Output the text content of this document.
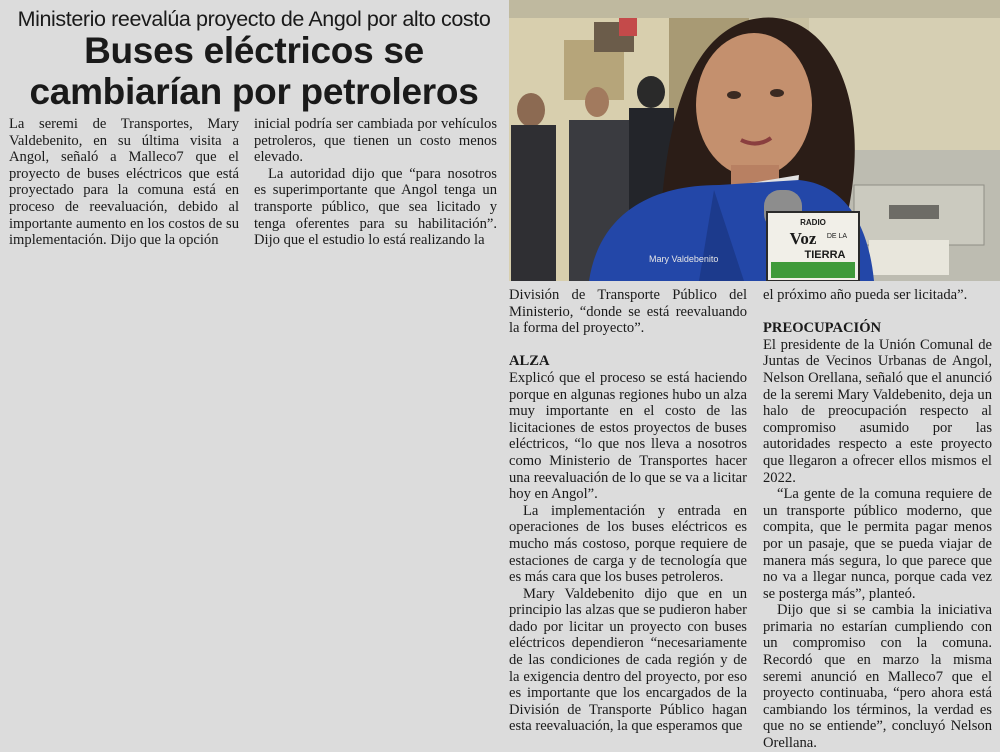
Ministerio reevalúa proyecto de Angol por alto costo
Buses eléctricos se
cambiarían por petroleros

La seremi de Transportes, Mary Valdebenito, en su última visita a Angol, señaló a Malleco7 que el proyecto de buses eléctricos que está proyectado para la comuna está en proceso de reevaluación, debido al importante aumento en los costos de su implementación. Dijo que la opción

inicial podría ser cambiada por vehículos petroleros, que tienen un costo menos elevado.

La autoridad dijo que “para nosotros es superimportante que Angol tenga un transporte público, que sea licitado y tenga oferentes para su habilitación”. Dijo que el estudio lo está realizando la

Mary Valdebenito
RADIO
Voz DE LA
TIERRA

División de Transporte Público del Ministerio, “donde se está reevaluando la forma del proyecto”.

ALZA

Explicó que el proceso se está haciendo porque en algunas regiones hubo un alza muy importante en el costo de las licitaciones de estos proyectos de buses eléctricos, “lo que nos lleva a nosotros como Ministerio de Transportes hacer una reevaluación de lo que se va a licitar hoy en Angol”.

La implementación y entrada en operaciones de los buses eléctricos es mucho más costoso, porque requiere de estaciones de carga y de tecnología que es más cara que los buses petroleros.

Mary Valdebenito dijo que en un principio las alzas que se pudieron haber dado por licitar un proyecto con buses eléctricos dependieron “necesariamente de las condiciones de cada región y de la exigencia dentro del proyecto, por eso es importante que los encargados de la División de Transporte Público hagan esta reevaluación, la que esperamos que

el próximo año pueda ser licitada”.

PREOCUPACIÓN

El presidente de la Unión Comunal de Juntas de Vecinos Urbanas de Angol, Nelson Orellana, señaló que el anunció de la seremi Mary Valdebenito, deja un halo de preocupación respecto al compromiso asumido por las autoridades respecto a este proyecto que llegaron a ofrecer ellos mismos el 2022.

“La gente de la comuna requiere de un transporte público moderno, que compita, que le permita pagar menos por un pasaje, que se pueda viajar de manera más segura, lo que parece que no va a llegar nunca, porque cada vez se posterga más”, planteó.

Dijo que si se cambia la iniciativa primaria no estarían cumpliendo con un compromiso con la comuna. Recordó que en marzo la misma seremi anunció en Malleco7 que el proyecto continuaba, “pero ahora está cambiando los términos, la verdad es que no se entiende”, concluyó Nelson Orellana.
